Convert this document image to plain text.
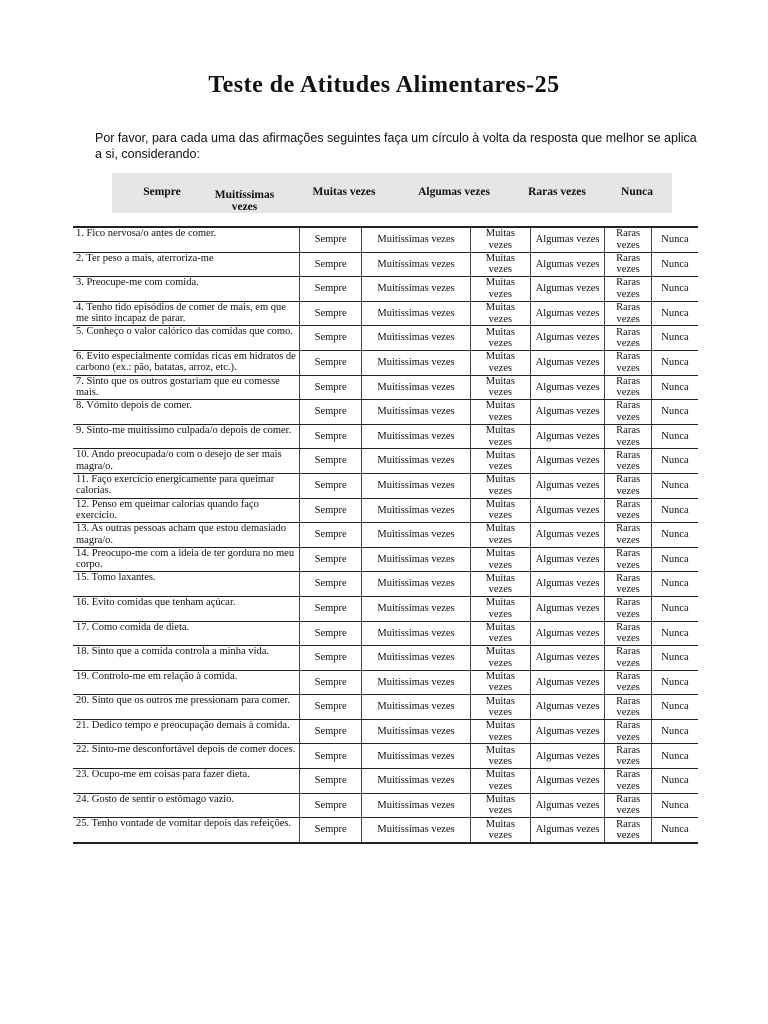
Teste de Atitudes Alimentares-25
Por favor, para cada uma das afirmações seguintes faça um círculo à volta da resposta que melhor se aplica a si, considerando:
Sempre	Muitíssimas vezes
Muitas vezes	Algumas vezes	Raras vezes	Nunca
1. Fico nervosa/o antes de comer.	Sempre	Muitíssimas vezes	Muitas vezes	Algumas vezes	Raras vezes	Nunca
2. Ter peso a mais, aterroriza-me	Sempre	Muitíssimas vezes	Muitas vezes	Algumas vezes	Raras vezes	Nunca
3. Preocupe-me com comida.	Sempre	Muitíssimas vezes	Muitas vezes	Algumas vezes	Raras vezes	Nunca
4. Tenho tido episódios de comer de mais, em que me sinto incapaz de parar.	Sempre	Muitíssimas vezes	Muitas vezes	Algumas vezes	Raras vezes	Nunca
5. Conheço o valor calórico das comidas que como.	Sempre	Muitíssimas vezes	Muitas vezes	Algumas vezes	Raras vezes	Nunca
6. Evito especialmente comidas ricas em hidratos de carbono (ex.: pão, batatas, arroz, etc.).	Sempre	Muitíssimas vezes	Muitas vezes	Algumas vezes	Raras vezes	Nunca
7. Sinto que os outros gostariam que eu comesse mais.	Sempre	Muitíssimas vezes	Muitas vezes	Algumas vezes	Raras vezes	Nunca
8. Vómito depois de comer.	Sempre	Muitíssimas vezes	Muitas vezes	Algumas vezes	Raras vezes	Nunca
9. Sinto-me muitíssimo culpada/o depois de comer.	Sempre	Muitíssimas vezes	Muitas vezes	Algumas vezes	Raras vezes	Nunca
10. Ando preocupada/o com o desejo de ser mais magra/o.	Sempre	Muitíssimas vezes	Muitas vezes	Algumas vezes	Raras vezes	Nunca
11. Faço exercício energicamente para queimar calorias.	Sempre	Muitíssimas vezes	Muitas vezes	Algumas vezes	Raras vezes	Nunca
12. Penso em queimar calorias quando faço exercício.	Sempre	Muitíssimas vezes	Muitas vezes	Algumas vezes	Raras vezes	Nunca
13. As outras pessoas acham que estou demasiado magra/o.	Sempre	Muitíssimas vezes	Muitas vezes	Algumas vezes	Raras vezes	Nunca
14. Preocupo-me com a ideia de ter gordura no meu corpo.	Sempre	Muitíssimas vezes	Muitas vezes	Algumas vezes	Raras vezes	Nunca
15. Tomo laxantes.	Sempre	Muitíssimas vezes	Muitas vezes	Algumas vezes	Raras vezes	Nunca
16. Evito comidas que tenham açúcar.	Sempre	Muitíssimas vezes	Muitas vezes	Algumas vezes	Raras vezes	Nunca
17. Como comida de dieta.	Sempre	Muitíssimas vezes	Muitas vezes	Algumas vezes	Raras vezes	Nunca
18. Sinto que a comida controla a minha vida.	Sempre	Muitíssimas vezes	Muitas vezes	Algumas vezes	Raras vezes	Nunca
19. Controlo-me em relação à comida.	Sempre	Muitíssimas vezes	Muitas vezes	Algumas vezes	Raras vezes	Nunca
20. Sinto que os outros me pressionam para comer.	Sempre	Muitíssimas vezes	Muitas vezes	Algumas vezes	Raras vezes	Nunca
21. Dedico tempo e preocupação demais à comida.	Sempre	Muitíssimas vezes	Muitas vezes	Algumas vezes	Raras vezes	Nunca
22. Sinto-me desconfortável depois de comer doces.	Sempre	Muitíssimas vezes	Muitas vezes	Algumas vezes	Raras vezes	Nunca
23. Ocupo-me em coisas para fazer dieta.	Sempre	Muitíssimas vezes	Muitas vezes	Algumas vezes	Raras vezes	Nunca
24. Gosto de sentir o estômago vazio.	Sempre	Muitíssimas vezes	Muitas vezes	Algumas vezes	Raras vezes	Nunca
25. Tenho vontade de vomitar depois das refeições.	Sempre	Muitíssimas vezes	Muitas vezes	Algumas vezes	Raras vezes	Nunca
